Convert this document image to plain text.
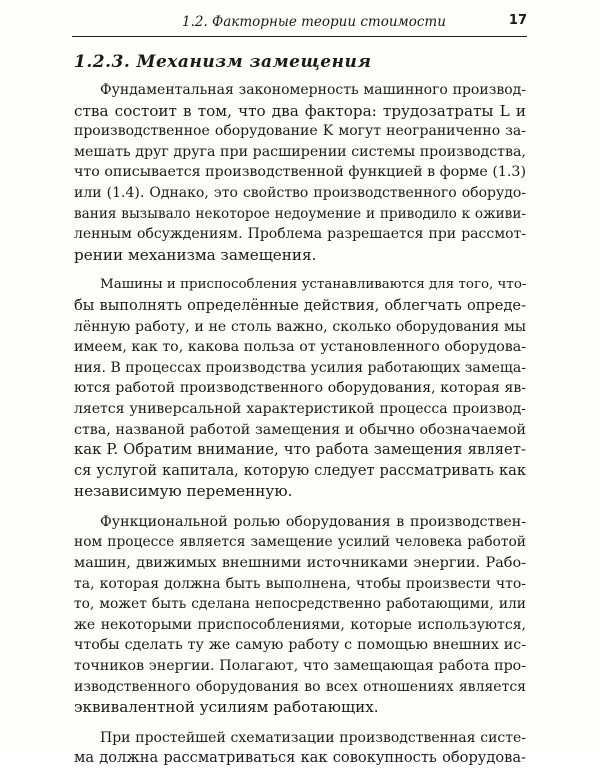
1.2. Факторные теории стоимости	17
1.2.3. Механизм замещения
Фундаментальная закономерность машинного производ-
ства состоит в том, что два фактора: трудозатраты L и
производственное оборудование K могут неограниченно за-
мешать друг друга при расширении системы производства,
что описывается производственной функцией в форме (1.3)
или (1.4). Однако, это свойство производственного оборудо-
вания вызывало некоторое недоумение и приводило к оживи-
ленным обсуждениям. Проблема разрешается при рассмот-
рении механизма замещения.
Машины и приспособления устанавливаются для того, что-
бы выполнять определённые действия, облегчать опреде-
лённую работу, и не столь важно, сколько оборудования мы
имеем, как то, какова польза от установленного оборудова-
ния. В процессах производства усилия работающих замеща-
ются работой производственного оборудования, которая яв-
ляется универсальной характеристикой процесса производ-
ства, названой работой замещения и обычно обозначаемой
как P. Обратим внимание, что работа замещения являет-
ся услугой капитала, которую следует рассматривать как
независимую переменную.
Функциональной ролью оборудования в производствен-
ном процессе является замещение усилий человека работой
машин, движимых внешними источниками энергии. Рабо-
та, которая должна быть выполнена, чтобы произвести что-
то, может быть сделана непосредственно работающими, или
же некоторыми приспособлениями, которые используются,
чтобы сделать ту же самую работу с помощью внешних ис-
точников энергии. Полагают, что замещающая работа про-
изводственного оборудования во всех отношениях является
эквивалентной усилиям работающих.
При простейшей схематизации производственная систе-
ма должна рассматриваться как совокупность оборудова-
